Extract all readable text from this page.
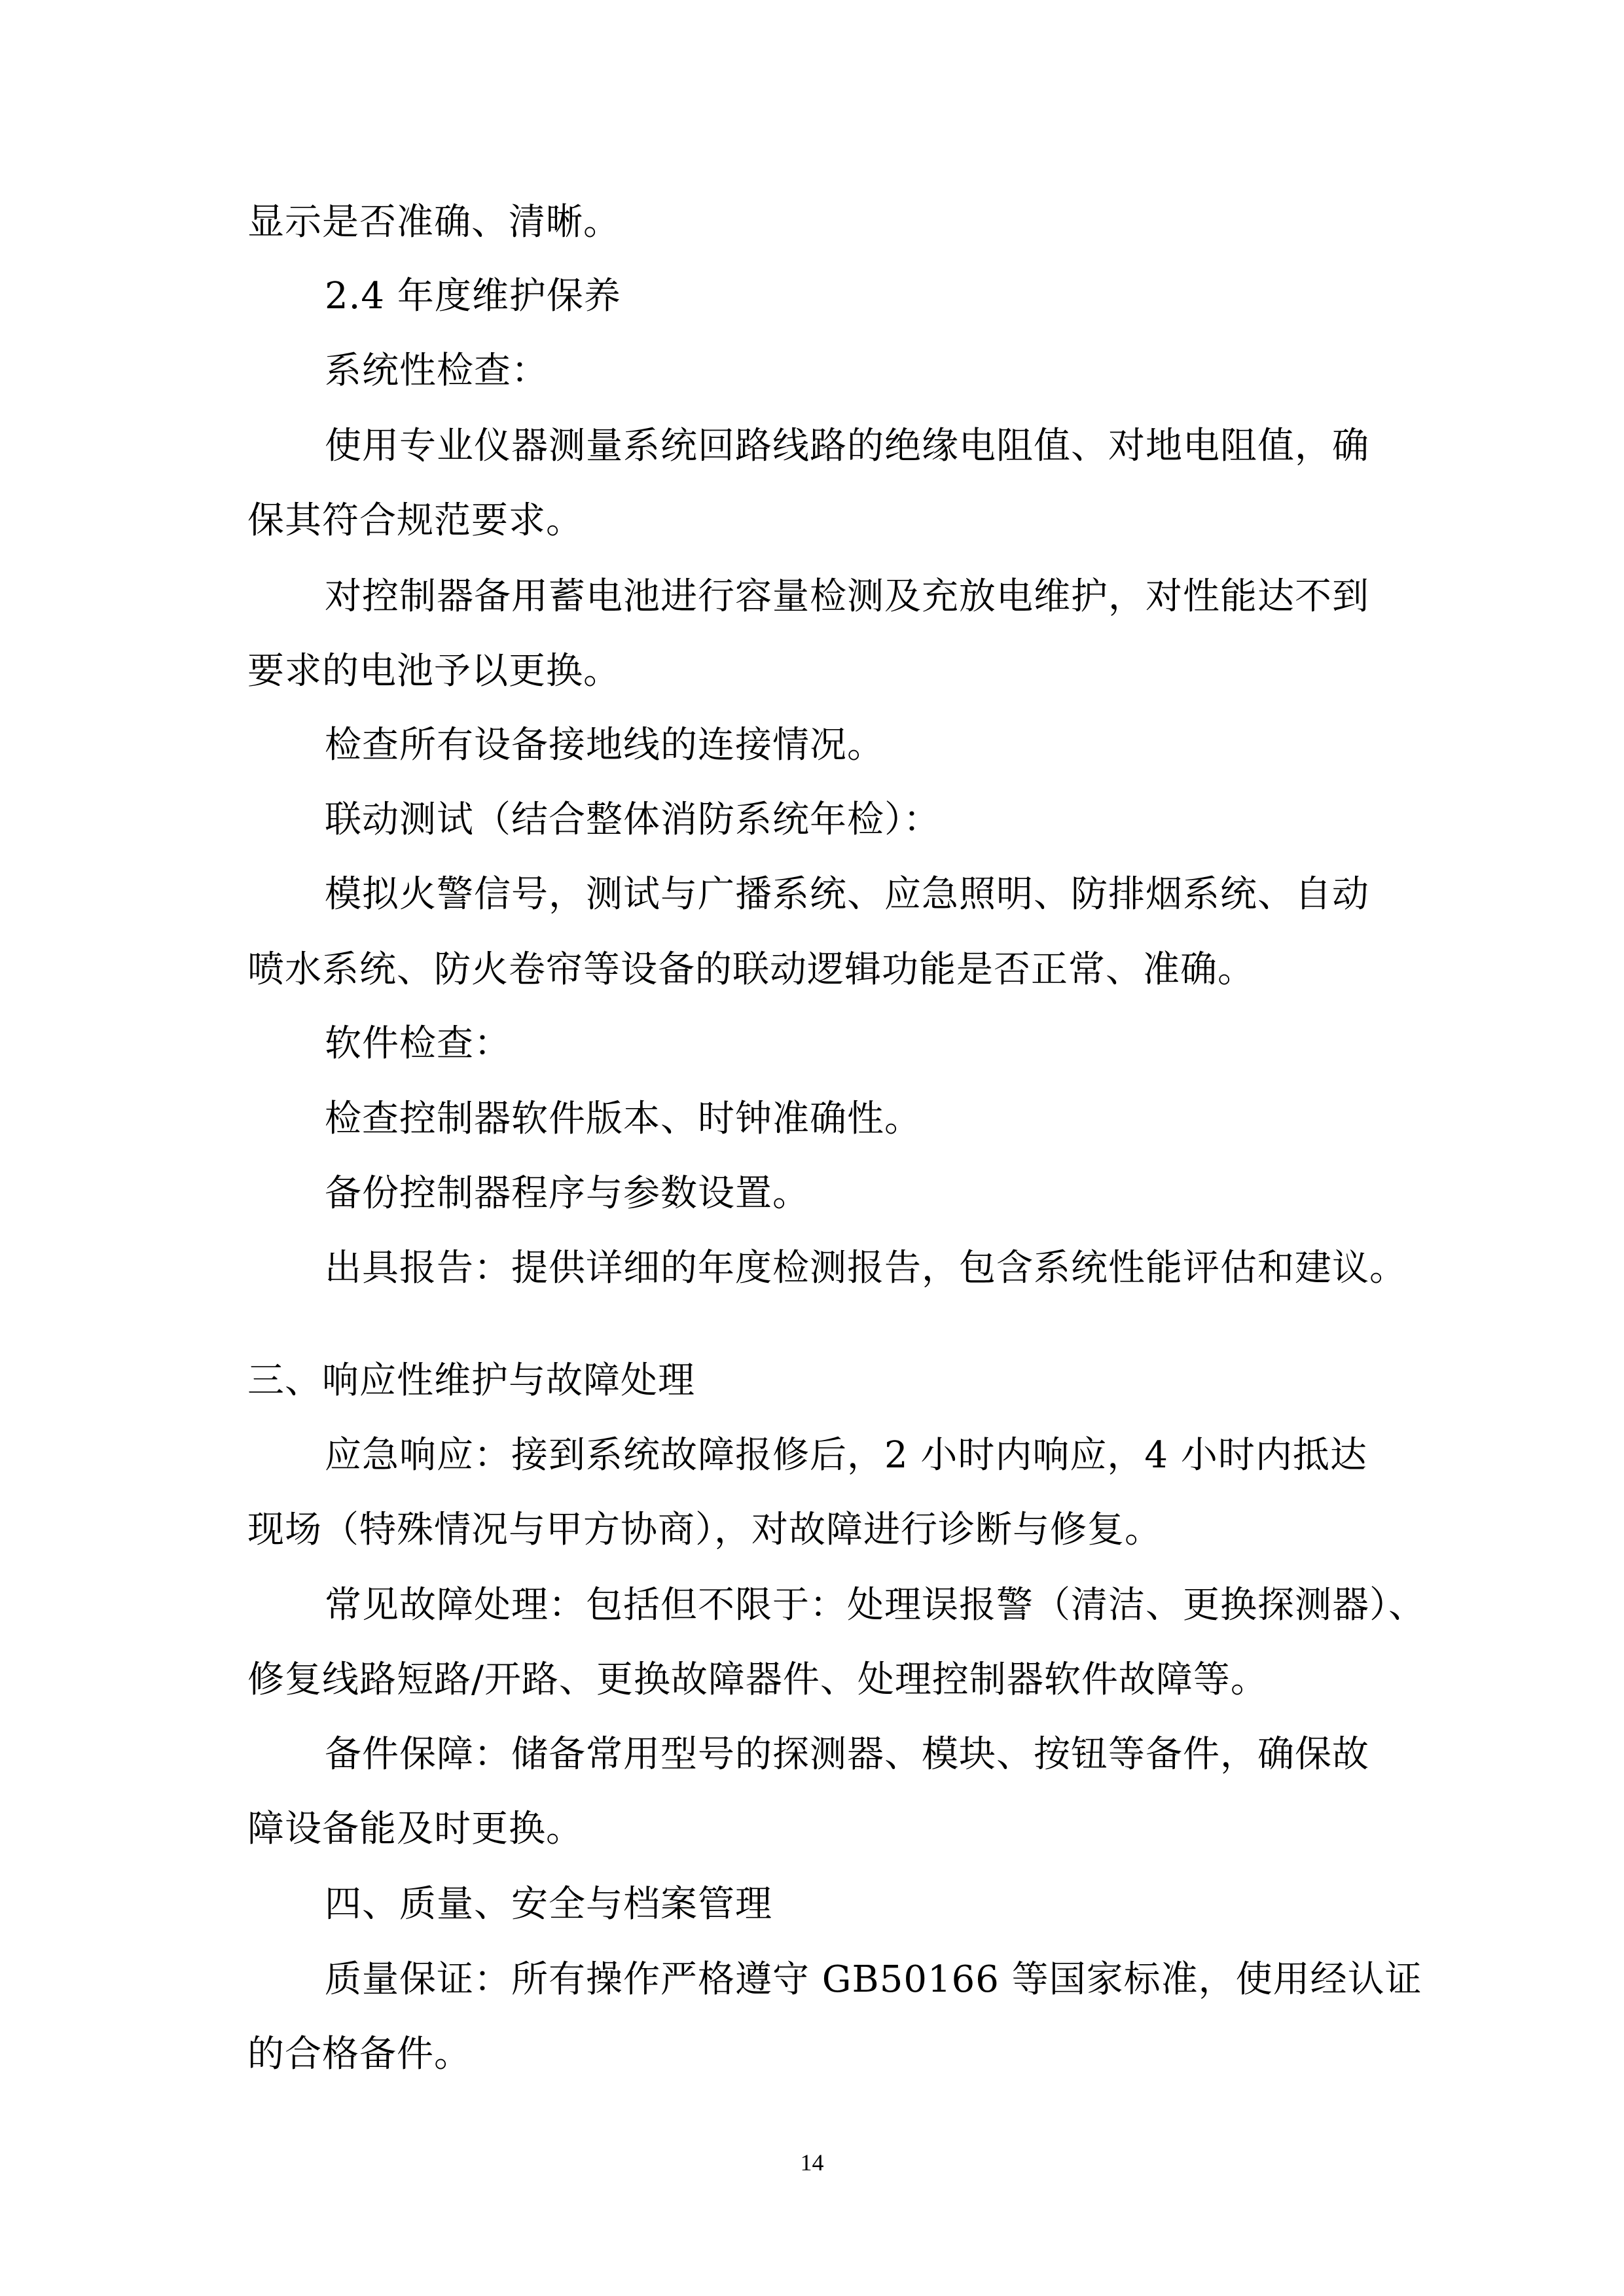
显示是否准确、清晰。
2.4 年度维护保养
系统性检查：
使用专业仪器测量系统回路线路的绝缘电阻值、对地电阻值，确
保其符合规范要求。
对控制器备用蓄电池进行容量检测及充放电维护，对性能达不到
要求的电池予以更换。
检查所有设备接地线的连接情况。
联动测试（结合整体消防系统年检）：
模拟火警信号，测试与广播系统、应急照明、防排烟系统、自动
喷水系统、防火卷帘等设备的联动逻辑功能是否正常、准确。
软件检查：
检查控制器软件版本、时钟准确性。
备份控制器程序与参数设置。
出具报告：提供详细的年度检测报告，包含系统性能评估和建议。
三、响应性维护与故障处理
应急响应：接到系统故障报修后，2 小时内响应，4 小时内抵达
现场（特殊情况与甲方协商），对故障进行诊断与修复。
常见故障处理：包括但不限于：处理误报警（清洁、更换探测器）、
修复线路短路/开路、更换故障器件、处理控制器软件故障等。
备件保障：储备常用型号的探测器、模块、按钮等备件，确保故
障设备能及时更换。
四、质量、安全与档案管理
质量保证：所有操作严格遵守 GB50166 等国家标准，使用经认证
的合格备件。
14
